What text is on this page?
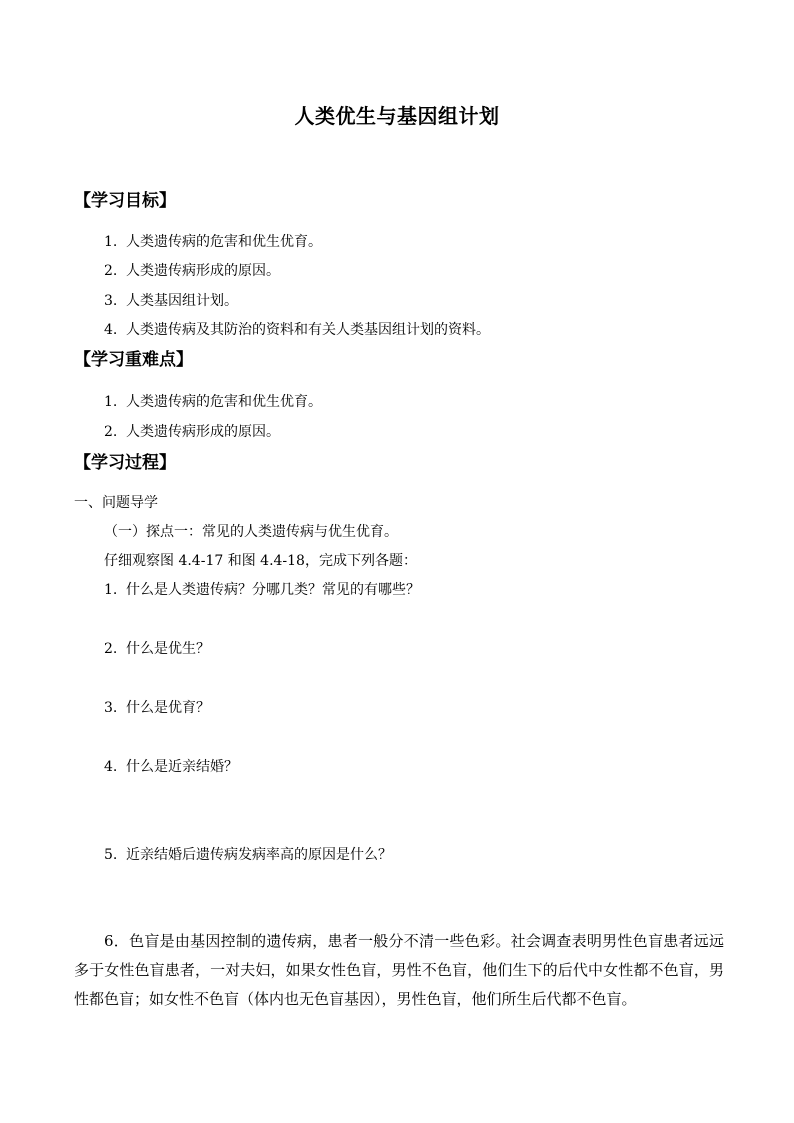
人类优生与基因组计划
【学习目标】
1. 人类遗传病的危害和优生优育。
2. 人类遗传病形成的原因。
3. 人类基因组计划。
4. 人类遗传病及其防治的资料和有关人类基因组计划的资料。
【学习重难点】
1. 人类遗传病的危害和优生优育。
2. 人类遗传病形成的原因。
【学习过程】
一、问题导学
（一）探点一：常见的人类遗传病与优生优育。
仔细观察图 4.4-17 和图 4.4-18，完成下列各题：
1. 什么是人类遗传病？分哪几类？常见的有哪些？
2. 什么是优生？
3. 什么是优育？
4. 什么是近亲结婚？
5. 近亲结婚后遗传病发病率高的原因是什么？
6．色盲是由基因控制的遗传病，患者一般分不清一些色彩。社会调查表明男性色盲患者远远多于女性色盲患者，一对夫妇，如果女性色盲，男性不色盲，他们生下的后代中女性都不色盲，男性都色盲；如女性不色盲（体内也无色盲基因），男性色盲，他们所生后代都不色盲。
